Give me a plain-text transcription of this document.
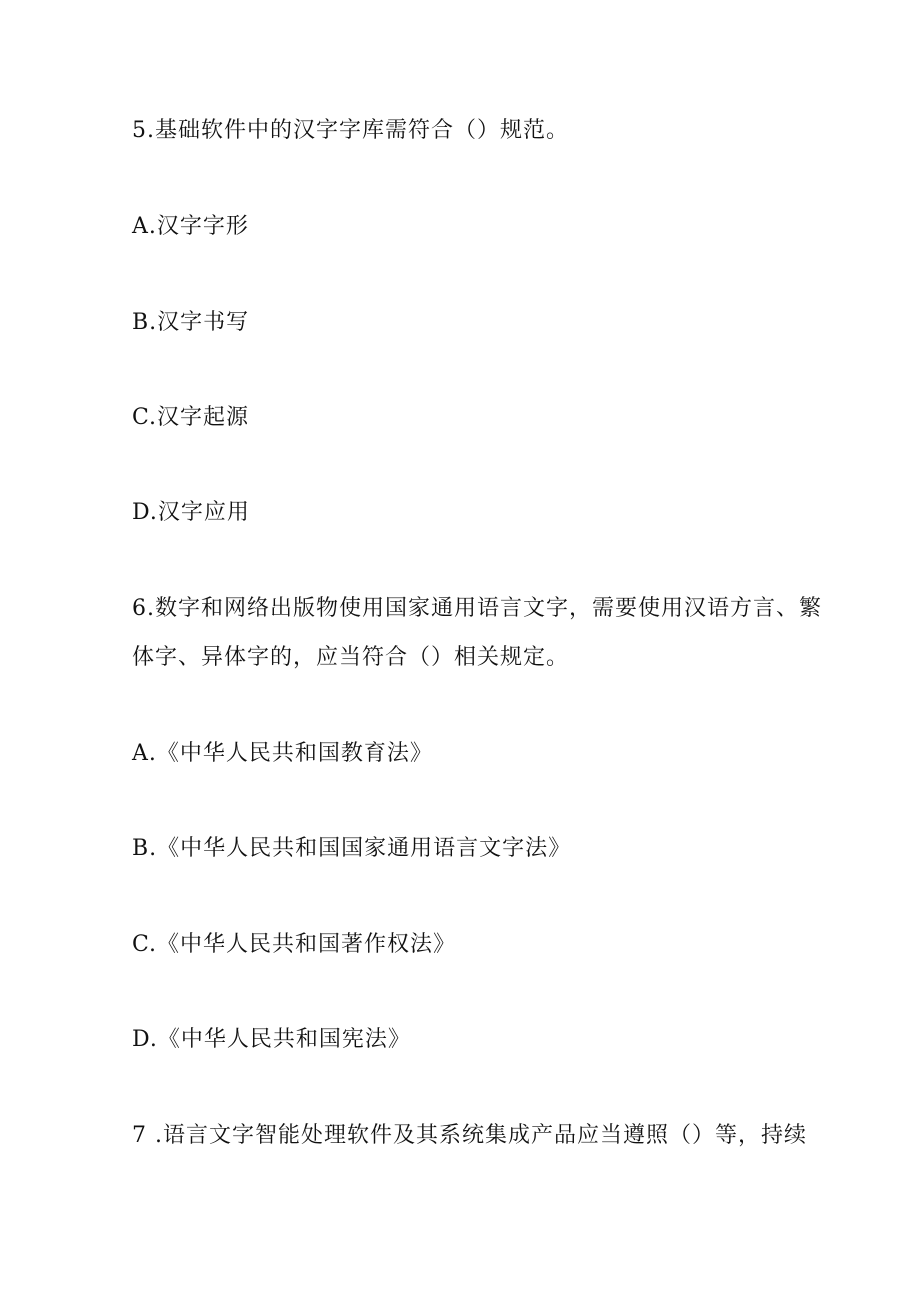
5.基础软件中的汉字字库需符合（）规范。
A.汉字字形
B.汉字书写
C.汉字起源
D.汉字应用
6.数字和网络出版物使用国家通用语言文字，需要使用汉语方言、繁
体字、异体字的，应当符合（）相关规定。
A.《中华人民共和国教育法》
B.《中华人民共和国国家通用语言文字法》
C.《中华人民共和国著作权法》
D.《中华人民共和国宪法》
7 .语言文字智能处理软件及其系统集成产品应当遵照（）等，持续
